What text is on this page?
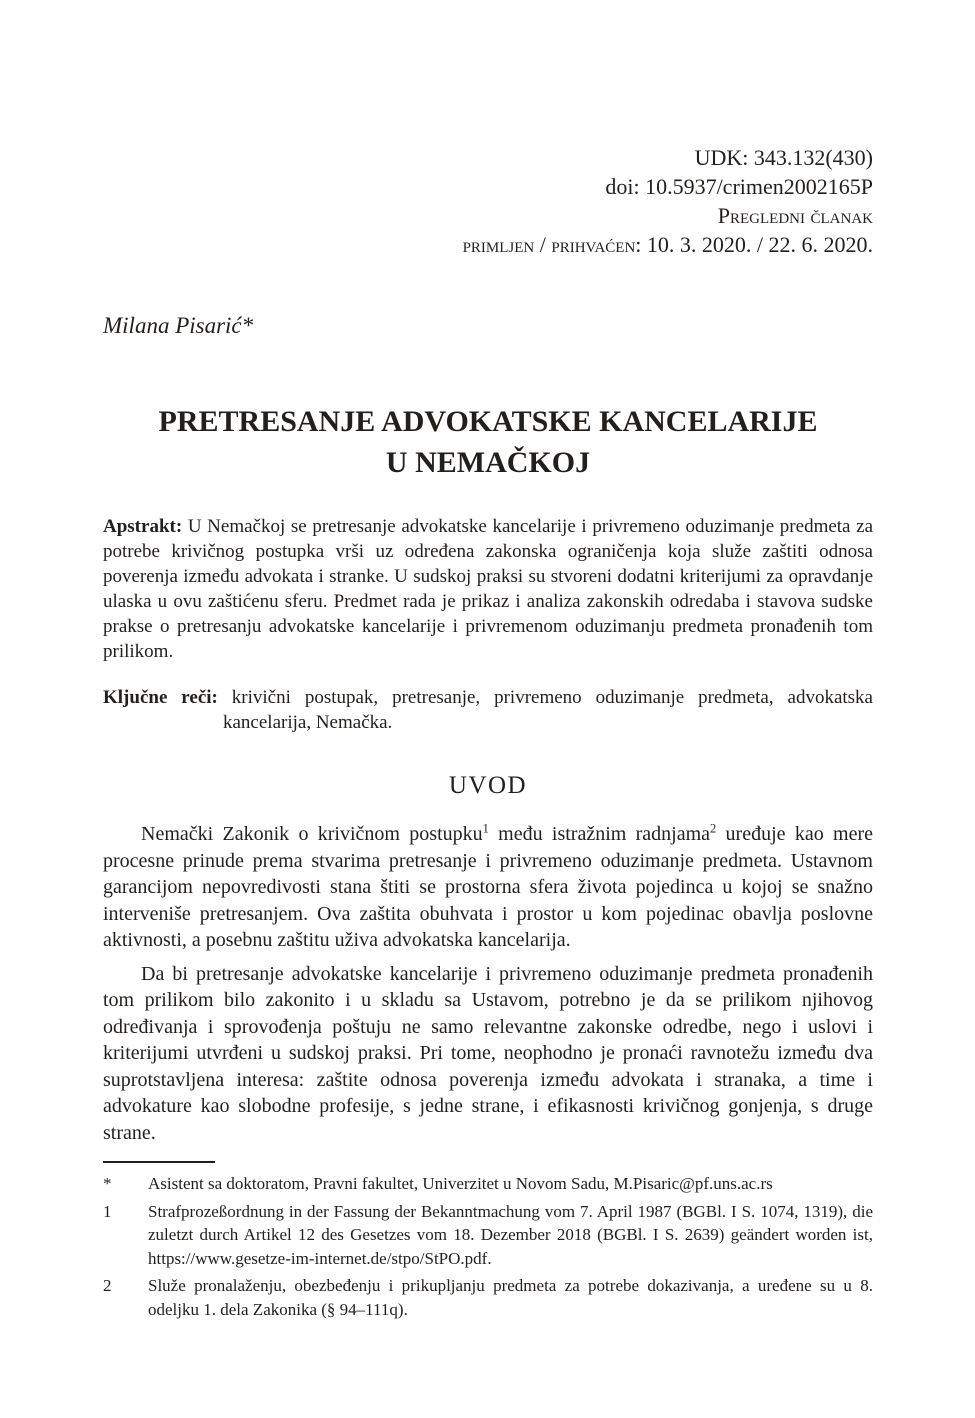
UDK: 343.132(430)
doi: 10.5937/crimen2002165P
Pregledni članak
primljen / prihvaćen: 10. 3. 2020. / 22. 6. 2020.
Milana Pisarić*
PRETRESANJE ADVOKATSKE KANCELARIJE
U NEMAČKOJ
Apstrakt: U Nemačkoj se pretresanje advokatske kancelarije i privremeno oduzimanje predmeta za potrebe krivičnog postupka vrši uz određena zakonska ograničenja koja služe zaštiti odnosa poverenja između advokata i stranke. U sudskoj praksi su stvoreni dodatni kriterijumi za opravdanje ulaska u ovu zaštićenu sferu. Predmet rada je prikaz i analiza zakonskih odredaba i stavova sudske prakse o pretresanju advokatske kancelarije i privremenom oduzimanju predmeta pronađenih tom prilikom.
Ključne reči: krivični postupak, pretresanje, privremeno oduzimanje predmeta, advokatska kancelarija, Nemačka.
UVOD
Nemački Zakonik o krivičnom postupku$^1$ među istražnim radnjama$^2$ uređuje kao mere procesne prinude prema stvarima pretresanje i privremeno oduzimanje predmeta. Ustavnom garancijom nepovredivosti stana štiti se prostorna sfera života pojedinca u kojoj se snažno interveniše pretresanjem. Ova zaštita obuhvata i prostor u kom pojedinac obavlja poslovne aktivnosti, a posebnu zaštitu uživa advokatska kancelarija.
Da bi pretresanje advokatske kancelarije i privremeno oduzimanje predmeta pronađenih tom prilikom bilo zakonito i u skladu sa Ustavom, potrebno je da se prilikom njihovog određivanja i sprovođenja poštuju ne samo relevantne zakonske odredbe, nego i uslovi i kriterijumi utvrđeni u sudskoj praksi. Pri tome, neophodno je pronaći ravnotežu između dva suprotstavljena interesa: zaštite odnosa poverenja između advokata i stranaka, a time i advokature kao slobodne profesije, s jedne strane, i efikasnosti krivičnog gonjenja, s druge strane.
*	Asistent sa doktoratom, Pravni fakultet, Univerzitet u Novom Sadu, M.Pisaric@pf.uns.ac.rs
1	Strafprozeßordnung in der Fassung der Bekanntmachung vom 7. April 1987 (BGBl. I S. 1074, 1319), die zuletzt durch Artikel 12 des Gesetzes vom 18. Dezember 2018 (BGBl. I S. 2639) geändert worden ist, https://www.gesetze-im-internet.de/stpo/StPO.pdf.
2	Služe pronalaženju, obezbeđenju i prikupljanju predmeta za potrebe dokazivanja, a uređene su u 8. odeljku 1. dela Zakonika (§ 94–111q).
